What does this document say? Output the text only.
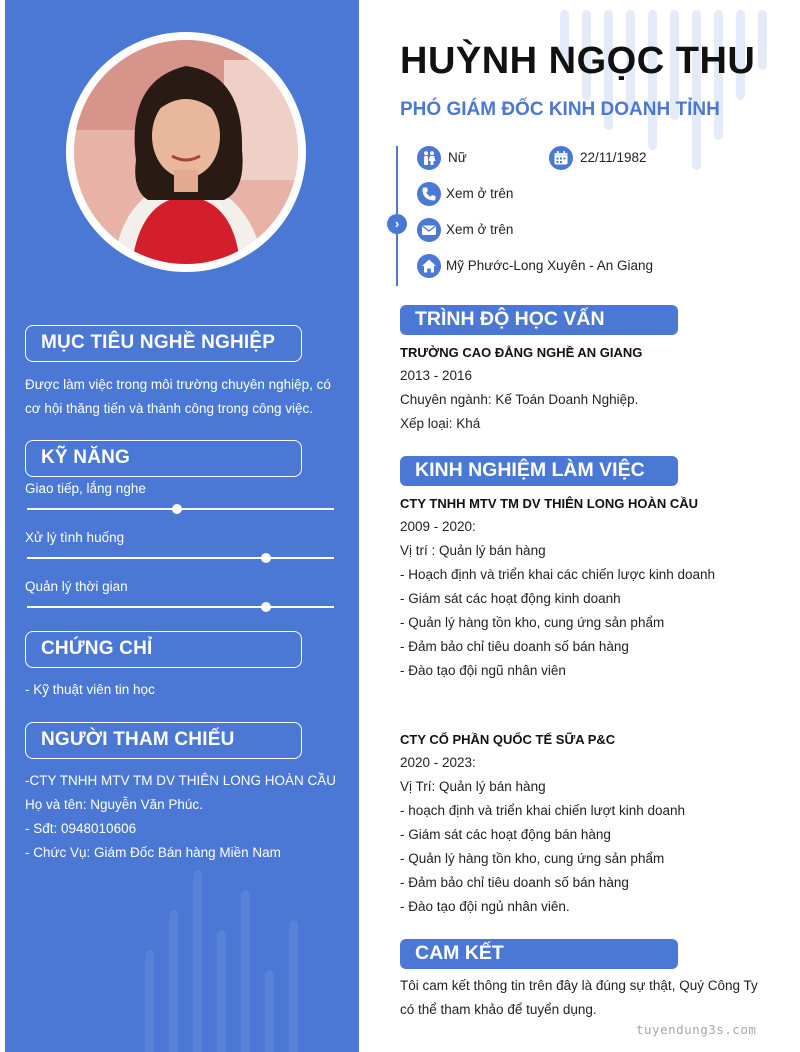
MỤC TIÊU NGHỀ NGHIỆP
Được làm việc trong môi trường chuyên nghiệp, có
cơ hội thăng tiến và thành công trong công việc.
KỸ NĂNG
Giao tiếp, lắng nghe
Xử lý tình huống
Quản lý thời gian
CHỨNG CHỈ
- Kỹ thuật viên tin học
NGƯỜI THAM CHIẾU
-CTY TNHH MTV TM DV THIÊN LONG HOÀN CẦU
Họ và tên: Nguyễn Văn Phúc.
- Sđt: 0948010606
- Chức Vụ: Giám Đốc Bán hàng Miền Nam
HUỲNH NGỌC THU
PHÓ GIÁM ĐỐC KINH DOANH TỈNH
›
Nữ	22/11/1982
Xem ở trên
Xem ở trên
Mỹ Phước-Long Xuyên - An Giang
TRÌNH ĐỘ HỌC VẤN
TRƯỜNG CAO ĐẲNG NGHỀ AN GIANG
2013 - 2016
Chuyên ngành: Kế Toán Doanh Nghiệp.
Xếp loại: Khá
KINH NGHIỆM LÀM VIỆC
CTY TNHH MTV TM DV THIÊN LONG HOÀN CẦU
2009 - 2020:
Vị trí : Quản lý bán hàng
- Hoạch định và triển khai các chiến lược kinh doanh
- Giám sát các hoạt động kinh doanh
- Quản lý hàng tồn kho, cung ứng sản phẩm
- Đảm bảo chỉ tiêu doanh số bán hàng
- Đào tạo đội ngũ nhân viên
CTY CỔ PHẦN QUỐC TẾ SỮA P&C
2020 - 2023:
Vị Trí: Quản lý bán hàng
- hoạch định và triển khai chiến lượt kinh doanh
- Giám sát các hoạt động bán hàng
- Quản lý hàng tồn kho, cung ứng sản phẩm
- Đảm bảo chỉ tiêu doanh số bán hàng
- Đào tạo đội ngủ nhân viên.
CAM KẾT
Tôi cam kết thông tin trên đây là đúng sự thật, Quý Công Ty
có thể tham khảo để tuyển dụng.
tuyendung3s.com
